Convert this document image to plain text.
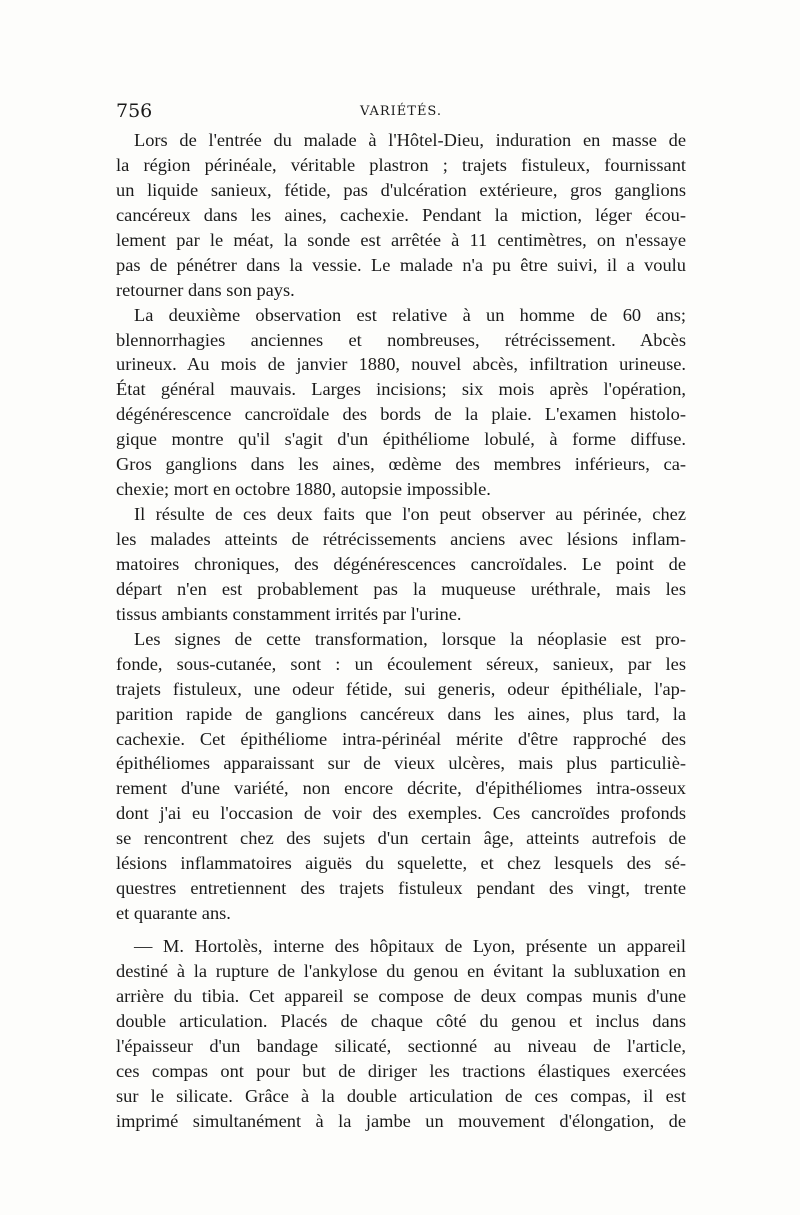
756	VARIÉTÉS.
Lors de l'entrée du malade à l'Hôtel-Dieu, induration en masse de
la région périnéale, véritable plastron ; trajets fistuleux, fournissant
un liquide sanieux, fétide, pas d'ulcération extérieure, gros ganglions
cancéreux dans les aines, cachexie. Pendant la miction, léger écou-
lement par le méat, la sonde est arrêtée à 11 centimètres, on n'essaye
pas de pénétrer dans la vessie. Le malade n'a pu être suivi, il a voulu
retourner dans son pays.
La deuxième observation est relative à un homme de 60 ans;
blennorrhagies anciennes et nombreuses, rétrécissement. Abcès
urineux. Au mois de janvier 1880, nouvel abcès, infiltration urineuse.
État général mauvais. Larges incisions; six mois après l'opération,
dégénérescence cancroïdale des bords de la plaie. L'examen histolo-
gique montre qu'il s'agit d'un épithéliome lobulé, à forme diffuse.
Gros ganglions dans les aines, œdème des membres inférieurs, ca-
chexie; mort en octobre 1880, autopsie impossible.
Il résulte de ces deux faits que l'on peut observer au périnée, chez
les malades atteints de rétrécissements anciens avec lésions inflam-
matoires chroniques, des dégénérescences cancroïdales. Le point de
départ n'en est probablement pas la muqueuse uréthrale, mais les
tissus ambiants constamment irrités par l'urine.
Les signes de cette transformation, lorsque la néoplasie est pro-
fonde, sous-cutanée, sont : un écoulement séreux, sanieux, par les
trajets fistuleux, une odeur fétide, sui generis, odeur épithéliale, l'ap-
parition rapide de ganglions cancéreux dans les aines, plus tard, la
cachexie. Cet épithéliome intra-périnéal mérite d'être rapproché des
épithéliomes apparaissant sur de vieux ulcères, mais plus particuliè-
rement d'une variété, non encore décrite, d'épithéliomes intra-osseux
dont j'ai eu l'occasion de voir des exemples. Ces cancroïdes profonds
se rencontrent chez des sujets d'un certain âge, atteints autrefois de
lésions inflammatoires aiguës du squelette, et chez lesquels des sé-
questres entretiennent des trajets fistuleux pendant des vingt, trente
et quarante ans.
— M. Hortolès, interne des hôpitaux de Lyon, présente un appareil
destiné à la rupture de l'ankylose du genou en évitant la subluxation en
arrière du tibia. Cet appareil se compose de deux compas munis d'une
double articulation. Placés de chaque côté du genou et inclus dans
l'épaisseur d'un bandage silicaté, sectionné au niveau de l'article,
ces compas ont pour but de diriger les tractions élastiques exercées
sur le silicate. Grâce à la double articulation de ces compas, il est
imprimé simultanément à la jambe un mouvement d'élongation, de
